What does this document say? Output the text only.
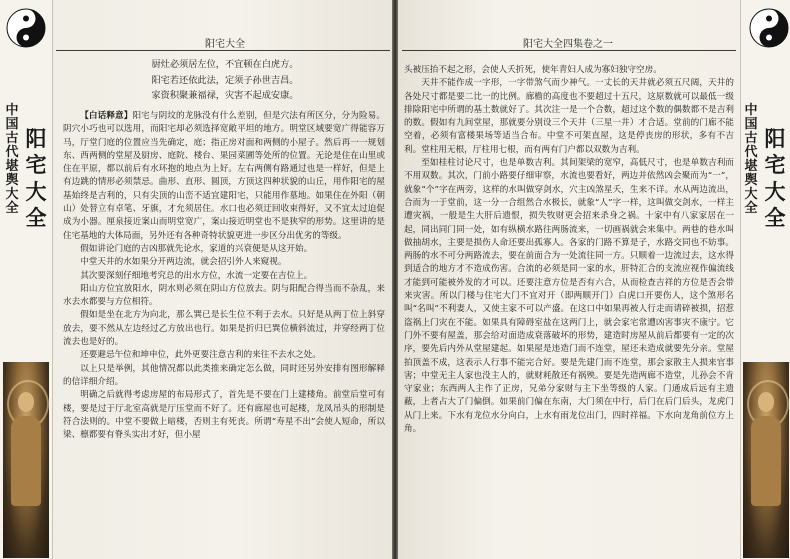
中
国
古
代
堪
舆
大
全
阳
宅
大
全
阳宅大全
厨灶必须居左位，不宜顿在白虎方。
阳宅若还依此法，定须子孙世吉昌。
家资积聚兼福禄，灾害不起成安康。

【白话释意】阳宅与阴坟的龙脉没有什么差别，但是穴法有所区分，分为险易。阴穴小巧也可以选用，而阳宅却必须选择宽敞平坦的地方。明堂区域要宽广得能容万马，厅堂门庭的位置应当先确定，庭；指正房对面和两侧的小屋子。然后再一一规划东、西两侧的堂屋及厨房、庭院、楼台、果园菜圃等处所的位置。无论是住在山里或住在平原，都以前后有水环抱的地点为上好。左右两侧有路通过也是一样好，但是上有边跳的情形必须禁忌。曲形、直形、圆顶，方顶这四种状貌的山丘，用作阳宅的屋基始终是吉利的，只有尖顶的山峦不适宜建阳宅，只能用作墓地。如果住在外阳（朝山）处替立有卓笔、牙旗，才允须居住。水口也必须迂回收束得好，又不宜太过迫促成为小器。厘泉接近案山而明堂宽广，案山接近明堂也不是狭窄的形势。这里讲的是住宅基地的大体局面，另外还有各种奇特状貌更进一步区分出优劣的等级。

假如讲论门庭的吉凶那就先论水，家道的兴衰便是从这开始。

中堂天井的水如果分开两边流，就会招引外人来窥视。

其次要深刻仔细地考究总的出水方位，水流一定要在吉位上。

阳山方位宜放阳水，阴水则必须在阴山方位放去。阴与阳配合得当而不杂乱，来水去水都要与方位相符。

假如是坐在北方为向北，那么巽已是长生位不利于去水。只好是从两丁位上斜穿放去，要不然从左边经过乙方放出也行。如果是折归巳巽位横斜流过，并穿经两丁位流去也是好的。

还要避忌午位和坤申位，此外更要注意吉利的来往不去水之处。

以上只是举例，其他情况都以此类推来确定怎么做，同时还另外安排有图形解释的信详细介绍。

明确之后就得考虑房屋的布局形式了，首先是不要在门上建楼角。前堂后堂可有楼，要是过于厅北室高就是厅压堂而不好了。还有廊屋也可起楼，龙凤吊头的形制是符合法则的。中堂不要做上暗楼，否则主有死丧。所谓“寿星不出”会使人短命，所以梁、檩都要有脊头实出才好，但小屋

阳宅大全四集卷之一

头被压抬不起之形，会使人夭折死，使年青妇人成为寡妇独守空房。

天井不能作成一字形，一字带煞气而少神气。一丈长的天井就必须五尺阔，天井的各处尺寸都是要二比一的比例。廊檐的高度也不要超过十五尺，这原数就可以最低一级排除阳宅中所谓的基土数就好了。其次注一是一个合数，超过这个数的偶数都不是吉利的数。假如有九间堂屋，那就要分别设三个天井（三星一井）才合适。堂前的门廊不能空着，必须有富楼果场等适当合布。中堂不可架直屋，这是停丧房的形状，多有不吉利。堂柱用无根，厅柱用七根，而有两有门户都以双数为吉利。

至如桂柱讨论尺寸，也是单数吉利。其间架梁的宽窄，高低尺寸，也是单数吉利而不用双数。其次，门前小路要仔细审察，水流也要看好，两边并依然凶会聚而为“一”，就象“个”字在两旁，这样的水叫做穿剑水，穴主凶煞星夭，生来不详。水从两边流出，合而为一于堂前，这一分一合组然合水极长，就象“人”字一样，这叫做交剑水，一样主遭灾祸，一般是生大肝后遗恨，损失牧财更会招来杀身之祸。十家中有八家家居在一起，同出同门同一处，如有纵横水路往两肠流来，一切画祸就会来集中。两巷的巷水叫做抽胡水，主要是损伤人命还要出孤寡人。各家的门路不算是子，水路交同也不妨事。两肠的水不可分两路流去，要在前面合为一处流往同一方。只顺着一边流过去，这水得到适合的地方才不造成伤害。合流的必须是同一家的水，肝特汇合的支流应视作偏流线才能到可能被外发的才可以。还要注意方位是否有六合，从而检查吉祥的方位是否会带来灾害。所以门楼与住宅大门不宜对开（即两顺开门）白虎口开要伤人，这个煞形名叫“名叫”不利妻人，又使主家不可以产盛。在这口中如果再被人行走而请碎被损，招惹盗祸上门灾在不能。如果具有障碍室盐在这两门上，就会家宅常遭凶害事灾不康宁。它门外不要有屋盖，那会给对面造成衰落破坏的形势，建造时房屋从前后都要有一定的次序，要先后内外从堂屋建起。如果屋是违造门而不连堂，屋还未造成就要先分亲。堂屋拍顶盖不成，这表示人行事不能完合好。要是先建门而不连堂，那会家散主人损来官事害；中堂无主人家也没主人的，就财耗散还有祸殃。要是先造两廊不造堂，儿孙会不肯守家业；东西两人主作了正房，兄弟分家财与主下坐等级的人家。门通成后远有主遗蔽，上者占大了门偏倒。如果前门偏在东南，大门须在中行，后门在后门后头，龙虎门从门上来。下水有龙位水分向白，上水有雨龙位出门，四时祥福。下水向龙角前位方上角。

中
国
古
代
堪
舆
大
全
阳
宅
大
全
